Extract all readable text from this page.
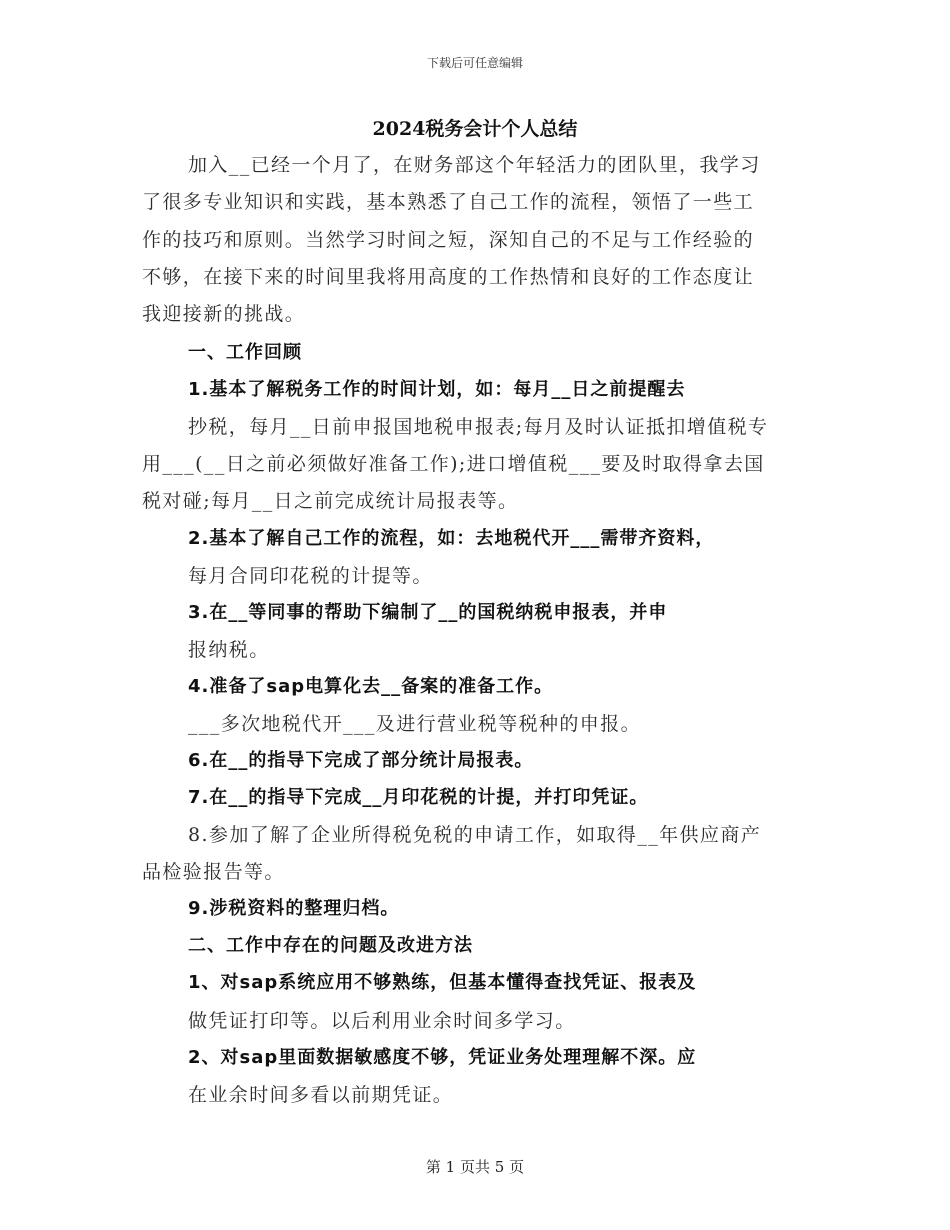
下载后可任意编辑
2024税务会计个人总结
加入__已经一个月了，在财务部这个年轻活力的团队里，我学习
了很多专业知识和实践，基本熟悉了自己工作的流程，领悟了一些工
作的技巧和原则。当然学习时间之短，深知自己的不足与工作经验的
不够，在接下来的时间里我将用高度的工作热情和良好的工作态度让
我迎接新的挑战。
一、工作回顾
1.基本了解税务工作的时间计划，如：每月__日之前提醒去
抄税，每月__日前申报国地税申报表;每月及时认证抵扣增值税专
用___(__日之前必须做好准备工作);进口增值税___要及时取得拿去国
税对碰;每月__日之前完成统计局报表等。
2.基本了解自己工作的流程，如：去地税代开___需带齐资料，
每月合同印花税的计提等。
3.在__等同事的帮助下编制了__的国税纳税申报表，并申
报纳税。
4.准备了sap电算化去__备案的准备工作。
___多次地税代开___及进行营业税等税种的申报。
6.在__的指导下完成了部分统计局报表。
7.在__的指导下完成__月印花税的计提，并打印凭证。
8.参加了解了企业所得税免税的申请工作，如取得__年供应商产
品检验报告等。
9.涉税资料的整理归档。
二、工作中存在的问题及改进方法
1、对sap系统应用不够熟练，但基本懂得查找凭证、报表及
做凭证打印等。以后利用业余时间多学习。
2、对sap里面数据敏感度不够，凭证业务处理理解不深。应
在业余时间多看以前期凭证。
第 1 页共 5 页
